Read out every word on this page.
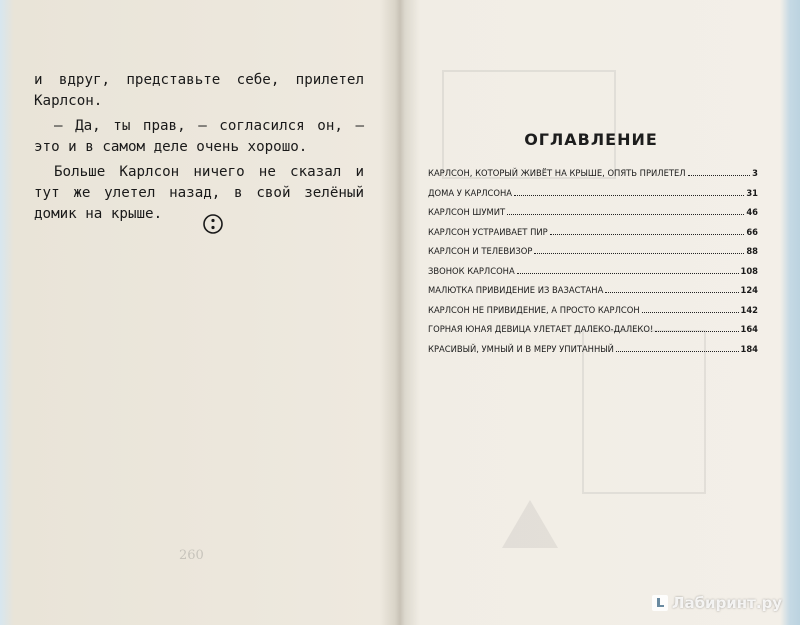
и вдруг, представьте себе, прилетел Карлсон.

— Да, ты прав, — согласился он, — это и в самом деле очень хорошо.

Больше Карлсон ничего не сказал и тут же улетел назад, в свой зелёный домик на крыше.

260
ОГЛАВЛЕНИЕ
КАРЛСОН, КОТОРЫЙ ЖИВЁТ НА КРЫШЕ, ОПЯТЬ ПРИЛЕТЕЛ	3
ДОМА У КАРЛСОНА	31
КАРЛСОН ШУМИТ	46
КАРЛСОН УСТРАИВАЕТ ПИР	66
КАРЛСОН И ТЕЛЕВИЗОР	88
ЗВОНОК КАРЛСОНА	108
МАЛЮТКА ПРИВИДЕНИЕ ИЗ ВАЗАСТАНА	124
КАРЛСОН НЕ ПРИВИДЕНИЕ, А ПРОСТО КАРЛСОН	142
ГОРНАЯ ЮНАЯ ДЕВИЦА УЛЕТАЕТ ДАЛЕКО-ДАЛЕКО!	164
КРАСИВЫЙ, УМНЫЙ И В МЕРУ УПИТАННЫЙ	184
Лабиринт.ру
